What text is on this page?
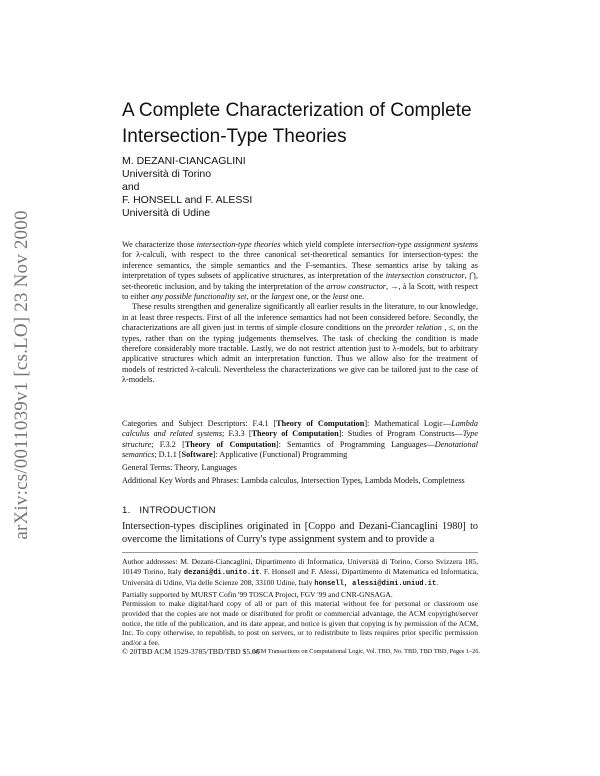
arXiv:cs/0011039v1 [cs.LO] 23 Nov 2000
A Complete Characterization of Complete
Intersection-Type Theories
M. DEZANI-CIANCAGLINI
Università di Torino
and
F. HONSELL and F. ALESSI
Università di Udine

We characterize those intersection-type theories which yield complete intersection-type assignment systems for λ-calculi, with respect to the three canonical set-theoretical semantics for intersection-types: the inference semantics, the simple semantics and the F-semantics. These semantics arise by taking as interpretation of types subsets of applicative structures, as interpretation of the intersection constructor, ⋂, set-theoretic inclusion, and by taking the interpretation of the arrow constructor, →, à la Scott, with respect to either any possible functionality set, or the largest one, or the least one.

These results strengthen and generalize significantly all earlier results in the literature, to our knowledge, in at least three respects. First of all the inference semantics had not been considered before. Secondly, the characterizations are all given just in terms of simple closure conditions on the preorder relation , ≤, on the types, rather than on the typing judgements themselves. The task of checking the condition is made therefore considerably more tractable. Lastly, we do not restrict attention just to λ-models, but to arbitrary applicative structures which admit an interpretation function. Thus we allow also for the treatment of models of restricted λ-calculi. Nevertheless the characterizations we give can be tailored just to the case of λ-models.

Categories and Subject Descriptors: F.4.1 [Theory of Computation]: Mathematical Logic—Lambda calculus and related systems; F.3.3 [Theory of Computation]: Studies of Program Constructs—Type structure; F.3.2 [Theory of Computation]: Semantics of Programming Languages—Denotational semantics; D.1.1 [Software]: Applicative (Functional) Programming

General Terms: Theory, Languages

Additional Key Words and Phrases: Lambda calculus, Intersection Types, Lambda Models, Completness

1. INTRODUCTION
Intersection-types disciplines originated in [Coppo and Dezani-Ciancaglini 1980] to overcome the limitations of Curry's type assignment system and to provide a

Author addresses: M. Dezani-Ciancaglini, Dipartimento di Informatica, Università di Torino, Corso Svizzera 185, 10149 Torino, Italy dezani@di.unito.it. F. Honsell and F. Alessi, Dipartimento di Matematica ed Informatica, Università di Udine, Via delle Scienze 208, 33100 Udine, Italy honsell, alessi@dimi.uniud.it.

Partially supported by MURST Cofin '99 TOSCA Project, FGV '99 and CNR-GNSAGA.

Permission to make digital/hard copy of all or part of this material without fee for personal or classroom use provided that the copies are not made or distributed for profit or commercial advantage, the ACM copyright/server notice, the title of the publication, and its date appear, and notice is given that copying is by permission of the ACM, Inc. To copy otherwise, to republish, to post on servers, or to redistribute to lists requires prior specific permission and/or a fee.

© 20TBD ACM 1529-3785/TBD/TBD $5.00

ACM Transactions on Computational Logic, Vol. TBD, No. TBD, TBD TBD, Pages 1–26.
